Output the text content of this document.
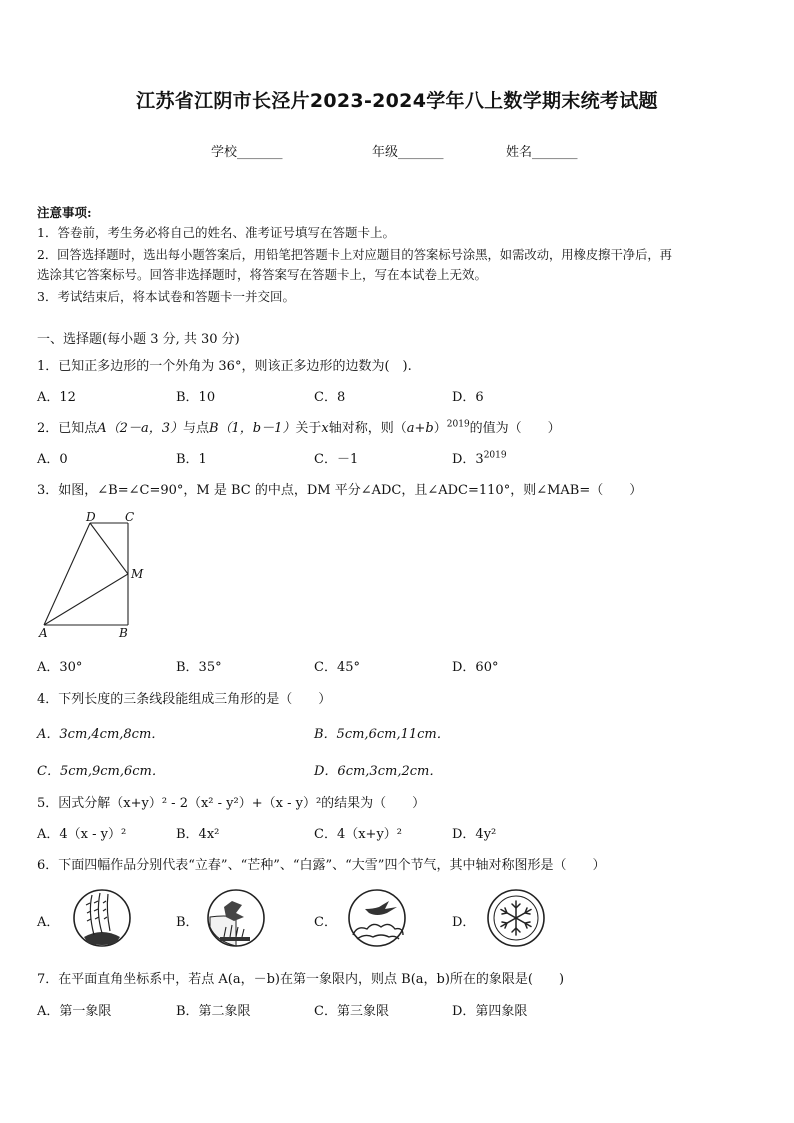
江苏省江阴市长泾片2023-2024学年八上数学期末统考试题
学校_______	年级_______	姓名_______
注意事项:
1．答卷前，考生务必将自己的姓名、准考证号填写在答题卡上。
2．回答选择题时，选出每小题答案后，用铅笔把答题卡上对应题目的答案标号涂黑，如需改动，用橡皮擦干净后，再
选涂其它答案标号。回答非选择题时，将答案写在答题卡上，写在本试卷上无效。
3．考试结束后，将本试卷和答题卡一并交回。
一、选择题(每小题 3 分, 共 30 分)
1．已知正多边形的一个外角为 36°，则该正多边形的边数为(　).
A．12	B．10	C．8	D．6
2．已知点A（2－a，3）与点B（1，b－1）关于x轴对称，则$(a+b)^{2019}$的值为（　　）
A．0	B．1	C．－1	D．$3^{2019}$
3．如图，∠B=∠C=90°，M 是 BC 的中点，DM 平分∠ADC，且∠ADC=110°，则∠MAB=（　　）
D C
M
A	B
A．30°	B．35°	C．45°	D．60°
4．下列长度的三条线段能组成三角形的是（　　）
A．3cm,4cm,8cm．	B．5cm,6cm,11cm．
C．5cm,9cm,6cm．	D．6cm,3cm,2cm．
5．因式分解（x+y）² - 2（x² - y²）+（x - y）²的结果为（　　）
A．4（x - y）²	B．4x²	C．4（x+y）²	D．4y²
6．下面四幅作品分别代表“立春”、“芒种”、“白露”、“大雪”四个节气，其中轴对称图形是（　　）
A．	B．	C．	D．
7．在平面直角坐标系中，若点 A(a，－b)在第一象限内，则点 B(a，b)所在的象限是(　　)
A．第一象限	B．第二象限	C．第三象限	D．第四象限
